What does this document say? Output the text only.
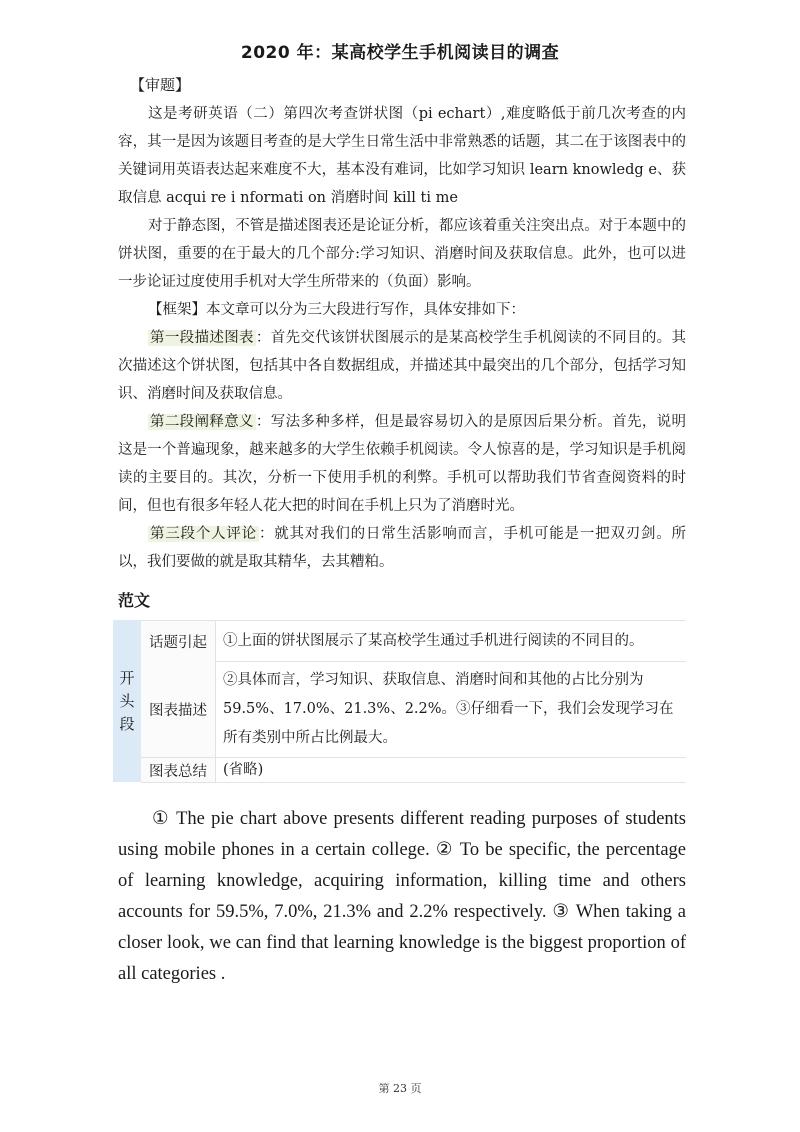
2020 年：某高校学生手机阅读目的调查
【审题】

这是考研英语（二）第四次考查饼状图（pi echart）,难度略低于前几次考查的内容，其一是因为该题目考查的是大学生日常生活中非常熟悉的话题，其二在于该图表中的关键词用英语表达起来难度不大，基本没有难词，比如学习知识 learn knowledg e、获取信息 acqui re i nformati on 消磨时间 kill ti me

对于静态图，不管是描述图表还是论证分析，都应该着重关注突出点。对于本题中的饼状图，重要的在于最大的几个部分:学习知识、消磨时间及获取信息。此外，也可以进一步论证过度使用手机对大学生所带来的（负面）影响。

【框架】本文章可以分为三大段进行写作，具体安排如下：

第一段描述图表 ：首先交代该饼状图展示的是某高校学生手机阅读的不同目的。其次描述这个饼状图，包括其中各自数据组成，并描述其中最突出的几个部分，包括学习知识、消磨时间及获取信息。

第二段阐释意义 ：写法多种多样，但是最容易切入的是原因后果分析。首先，说明这是一个普遍现象，越来越多的大学生依赖手机阅读。令人惊喜的是，学习知识是手机阅读的主要目的。其次，分析一下使用手机的利弊。手机可以帮助我们节省查阅资料的时间，但也有很多年轻人花大把的时间在手机上只为了消磨时光。

第三段个人评论 ：就其对我们的日常生活影响而言，手机可能是一把双刃剑。所以，我们要做的就是取其精华，去其糟粕。

范文
开
头
段
话题引起	①上面的饼状图展示了某高校学生通过手机进行阅读的不同目的。
图表描述
②具体而言，学习知识、获取信息、消磨时间和其他的占比分别为 59.5%、17.0%、21.3%、2.2%。③仔细看一下，我们会发现学习在所有类别中所占比例最大。
图表总结	(省略)

① The pie chart above presents different reading purposes of students using mobile phones in a certain college. ② To be specific, the percentage of learning knowledge, acquiring information, killing time and others accounts for 59.5%, 7.0%, 21.3% and 2.2% respectively. ③ When taking a closer look, we can find that learning knowledge is the biggest proportion of all categories .

第 23 页
